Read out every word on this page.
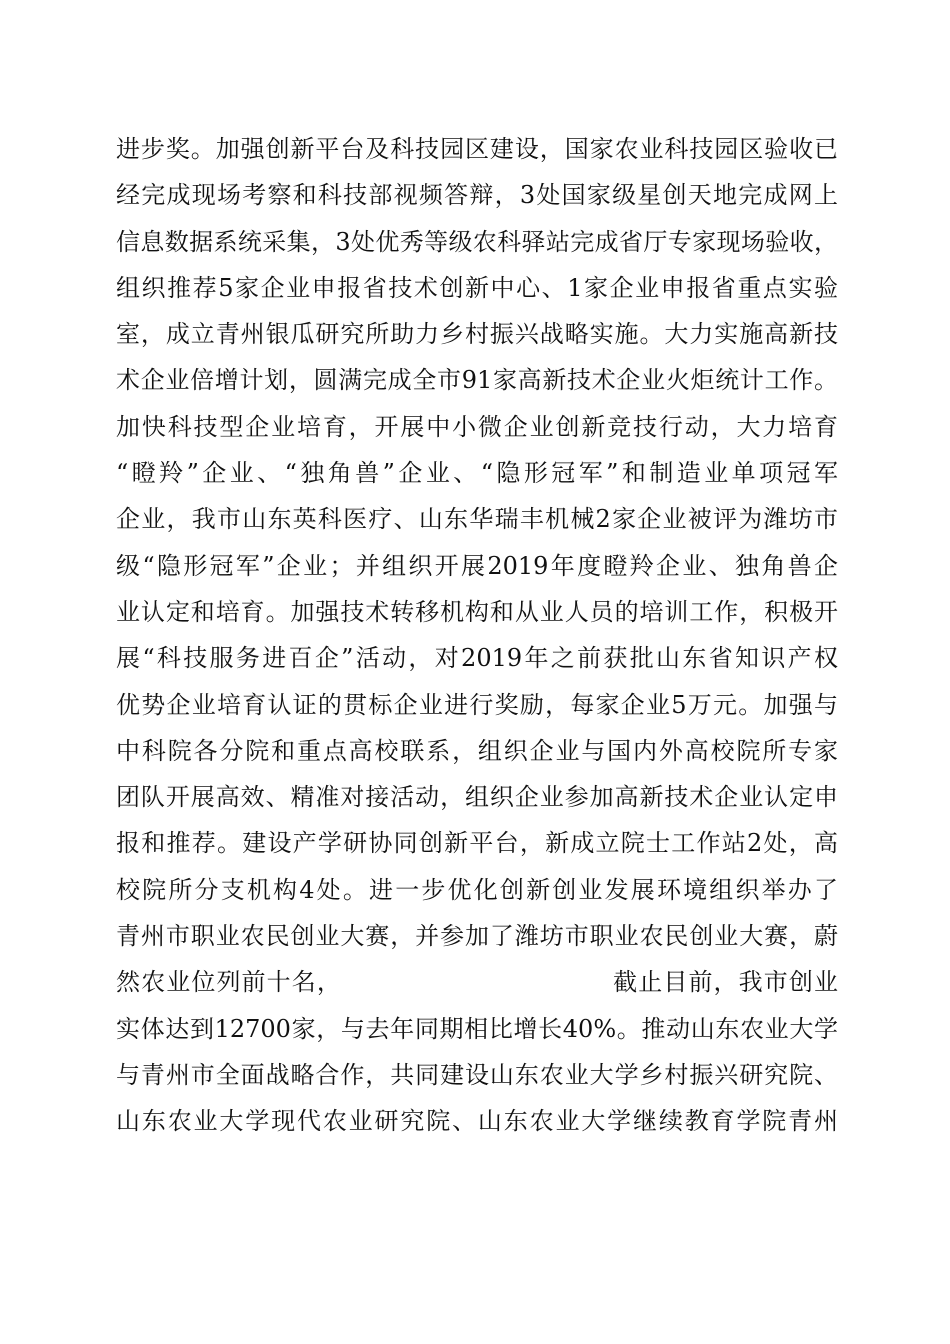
进步奖。加强创新平台及科技园区建设，国家农业科技园区验收已
经完成现场考察和科技部视频答辩，3处国家级星创天地完成网上
信息数据系统采集，3处优秀等级农科驿站完成省厅专家现场验收，
组织推荐5家企业申报省技术创新中心、1家企业申报省重点实验
室，成立青州银瓜研究所助力乡村振兴战略实施。大力实施高新技
术企业倍增计划，圆满完成全市91家高新技术企业火炬统计工作。
加快科技型企业培育，开展中小微企业创新竞技行动，大力培育
“瞪羚”企业、“独角兽”企业、“隐形冠军”和制造业单项冠军
企业，我市山东英科医疗、山东华瑞丰机械2家企业被评为潍坊市
级“隐形冠军”企业；并组织开展2019年度瞪羚企业、独角兽企
业认定和培育。加强技术转移机构和从业人员的培训工作，积极开
展“科技服务进百企”活动，对2019年之前获批山东省知识产权
优势企业培育认证的贯标企业进行奖励，每家企业5万元。加强与
中科院各分院和重点高校联系，组织企业与国内外高校院所专家
团队开展高效、精准对接活动，组织企业参加高新技术企业认定申
报和推荐。建设产学研协同创新平台，新成立院士工作站2处，高
校院所分支机构4处。进一步优化创新创业发展环境组织举办了
青州市职业农民创业大赛，并参加了潍坊市职业农民创业大赛，蔚
然农业位列前十名，	截止目前，我市创业
实体达到12700家，与去年同期相比增长40%。推动山东农业大学
与青州市全面战略合作，共同建设山东农业大学乡村振兴研究院、
山东农业大学现代农业研究院、山东农业大学继续教育学院青州
